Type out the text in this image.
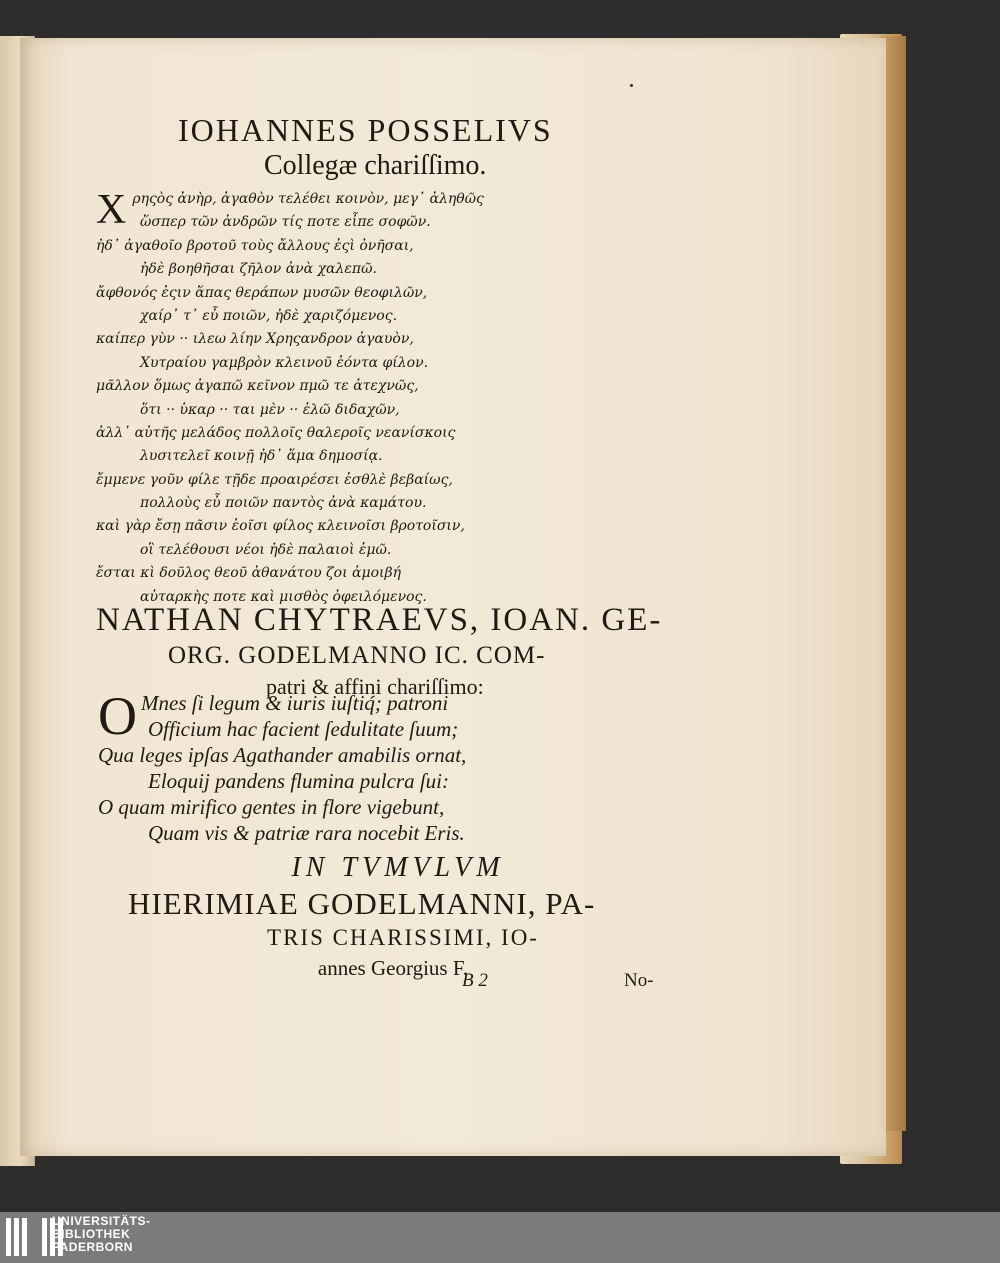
IOHANNES POSSELIVS
Collegæ chariſſimo.
X ρηςὸς ἀνὴρ, ἀγαθὸν τελέθει κοινὸν, μεγ᾽ ἀληθῶς
ὥσπερ τῶν ἀνδρῶν τίς ποτε εἶπε σοφῶν.
ἠδ᾽ ἀγαθοῖο βροτοῦ τοὺς ἄλλους ἐςὶ ὀνῆσαι,
ἠδὲ βοηθῆσαι ζῆλον ἀνὰ χαλεπῶ.
ἄφθονός ἐςιν ἅπας θεράπων μυσῶν θεοφιλῶν,
χαίρ᾽ τ᾽ εὖ ποιῶν, ἠδὲ χαριζόμενος.
καίπερ γὺν ·· ιλεω λίην Χρηςανδρον ἀγαυὸν,
Χυτραίου γαμβρὸν κλεινοῦ ἐόντα φίλον.
μᾶλλον ὅμως ἀγαπῶ κεῖνον πμῶ τε ἀτεχνῶς,
ὅτι ·· ὑκαρ ·· ται μὲν ·· ἐλῶ διδαχῶν,
ἀλλ᾽ αὐτῆς μελάδος πολλοῖς θαλεροῖς νεανίσκοις
λυσιτελεῖ κοινῇ ἠδ᾽ ἅμα δημοσίᾳ.
ἔμμενε γοῦν φίλε τῇδε προαιρέσει ἐσθλὲ βεβαίως,
πολλοὺς εὖ ποιῶν παντὸς ἀνὰ καμάτου.
καὶ γὰρ ἔσῃ πᾶσιν ἑοῖσι φίλος κλεινοῖσι βροτοῖσιν,
οἳ τελέθουσι νέοι ἠδὲ παλαιοὶ ἐμῶ.
ἔσται κὶ δοῦλος θεοῦ ἀθανάτου ζοι ἀμοιβή
αὐταρκὴς ποτε καὶ μισθὸς ὀφειλόμενος.
NATHAN CHYTRAEVS, IOAN. GE-
ORG. GODELMANNO IC. COM-
patri & affini chariſſimo:
O Mnes ſi legum & iuris iuſtiq́; patroni
Officium hac facient ſedulitate ſuum;
Qua leges ipſas Agathander amabilis ornat,
Eloquij pandens flumina pulcra ſui:
O quam mirifico gentes in flore vigebunt,
Quam vis & patriæ rara nocebit Eris.
IN TVMVLVM
HIERIMIAE GODELMANNI, PA-
TRIS CHARISSIMI, IO-
annes Georgius F.
B 2	No-
UNIVERSITÄTS-
BIBLIOTHEK
PADERBORN
